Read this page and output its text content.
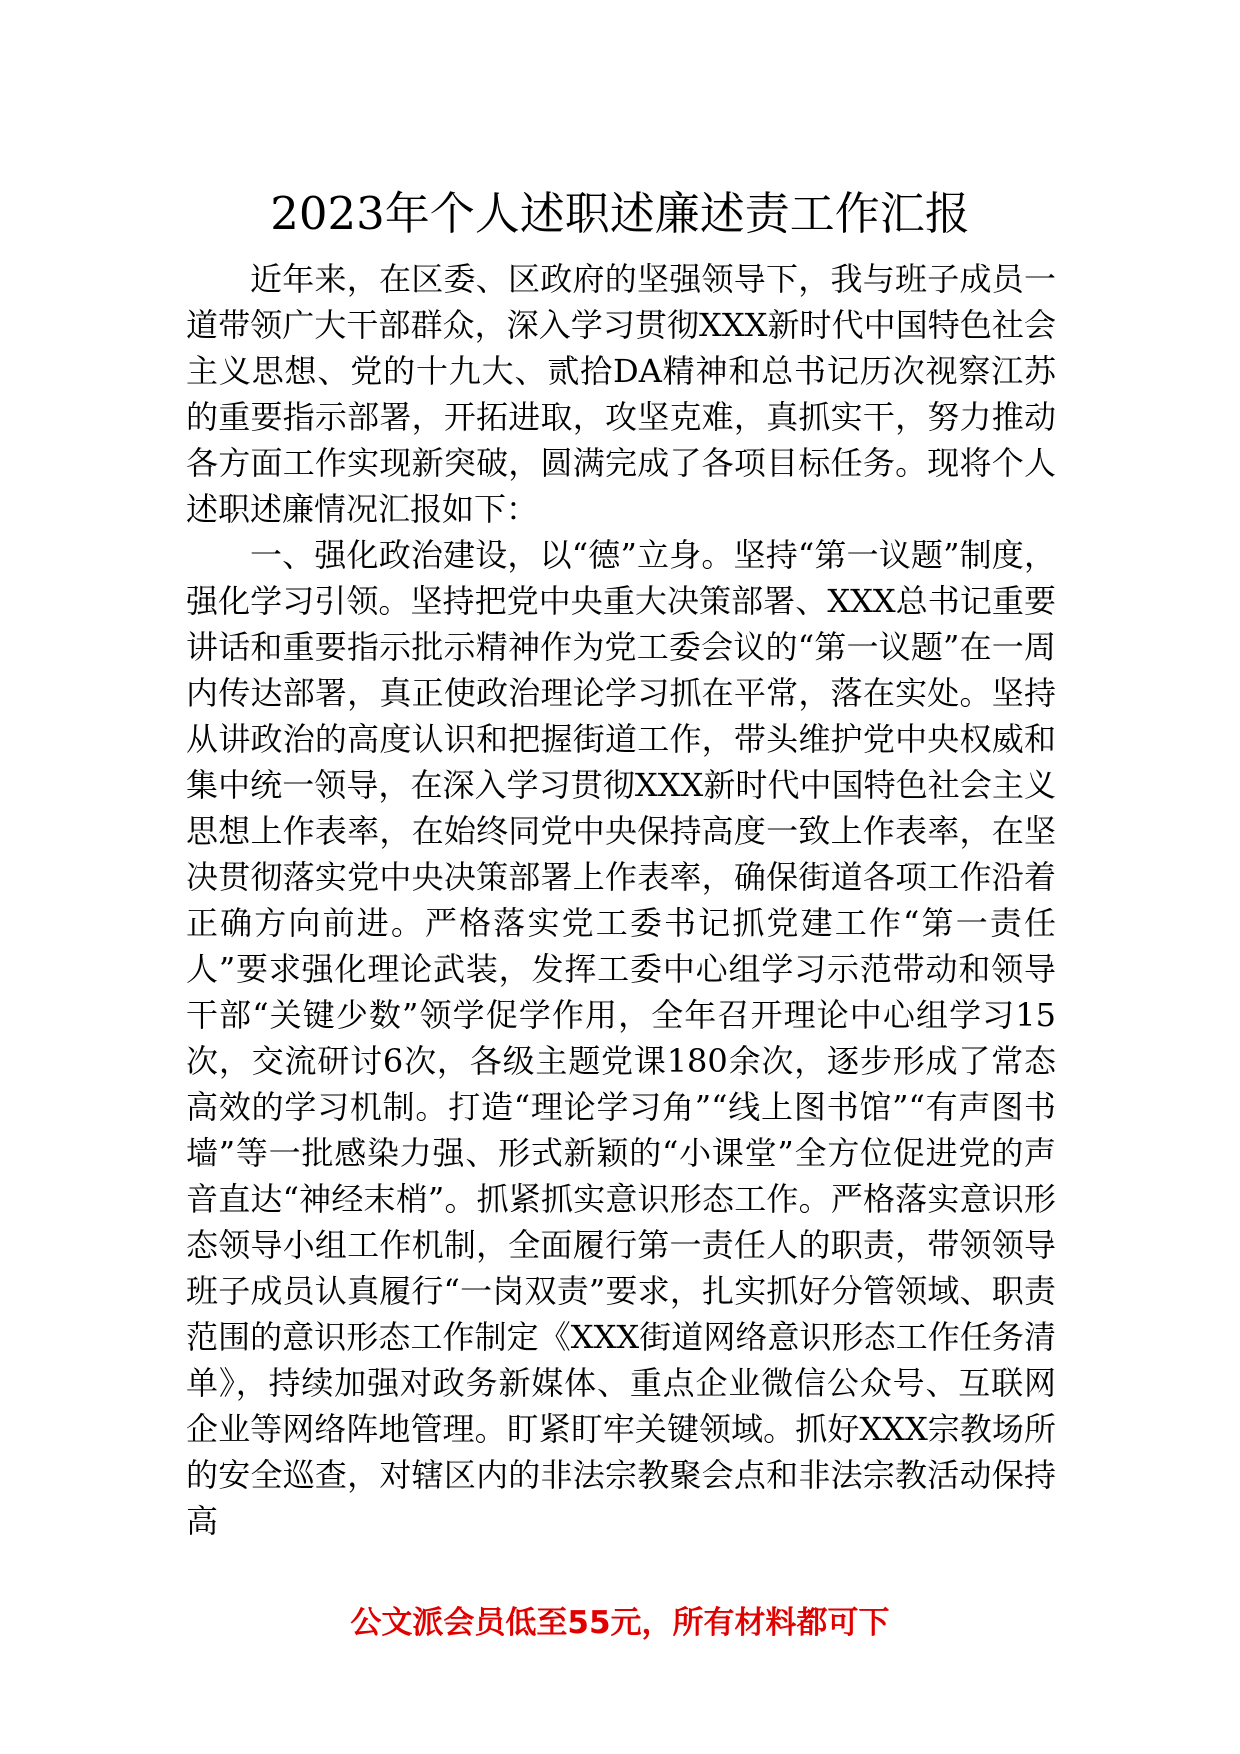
2023年个人述职述廉述责工作汇报

近年来，在区委、区政府的坚强领导下，我与班子成员一道带领广大干部群众，深入学习贯彻XXX新时代中国特色社会主义思想、党的十九大、贰拾DA精神和总书记历次视察江苏的重要指示部署，开拓进取，攻坚克难，真抓实干，努力推动各方面工作实现新突破，圆满完成了各项目标任务。现将个人述职述廉情况汇报如下：

一、强化政治建设，以“德”立身。坚持“第一议题”制度，强化学习引领。坚持把党中央重大决策部署、XXX总书记重要讲话和重要指示批示精神作为党工委会议的“第一议题”在一周内传达部署，真正使政治理论学习抓在平常，落在实处。坚持从讲政治的高度认识和把握街道工作，带头维护党中央权威和集中统一领导，在深入学习贯彻XXX新时代中国特色社会主义思想上作表率，在始终同党中央保持高度一致上作表率，在坚决贯彻落实党中央决策部署上作表率，确保街道各项工作沿着正确方向前进。严格落实党工委书记抓党建工作“第一责任人”要求强化理论武装，发挥工委中心组学习示范带动和领导干部“关键少数”领学促学作用，全年召开理论中心组学习15次，交流研讨6次，各级主题党课180余次，逐步形成了常态高效的学习机制。打造“理论学习角”“线上图书馆”“有声图书墙”等一批感染力强、形式新颖的“小课堂”全方位促进党的声音直达“神经末梢”。抓紧抓实意识形态工作。严格落实意识形态领导小组工作机制，全面履行第一责任人的职责，带领领导班子成员认真履行“一岗双责”要求，扎实抓好分管领域、职责范围的意识形态工作制定《XXX街道网络意识形态工作任务清单》，持续加强对政务新媒体、重点企业微信公众号、互联网企业等网络阵地管理。盯紧盯牢关键领域。抓好XXX宗教场所的安全巡查，对辖区内的非法宗教聚会点和非法宗教活动保持高

公文派会员低至55元，所有材料都可下
